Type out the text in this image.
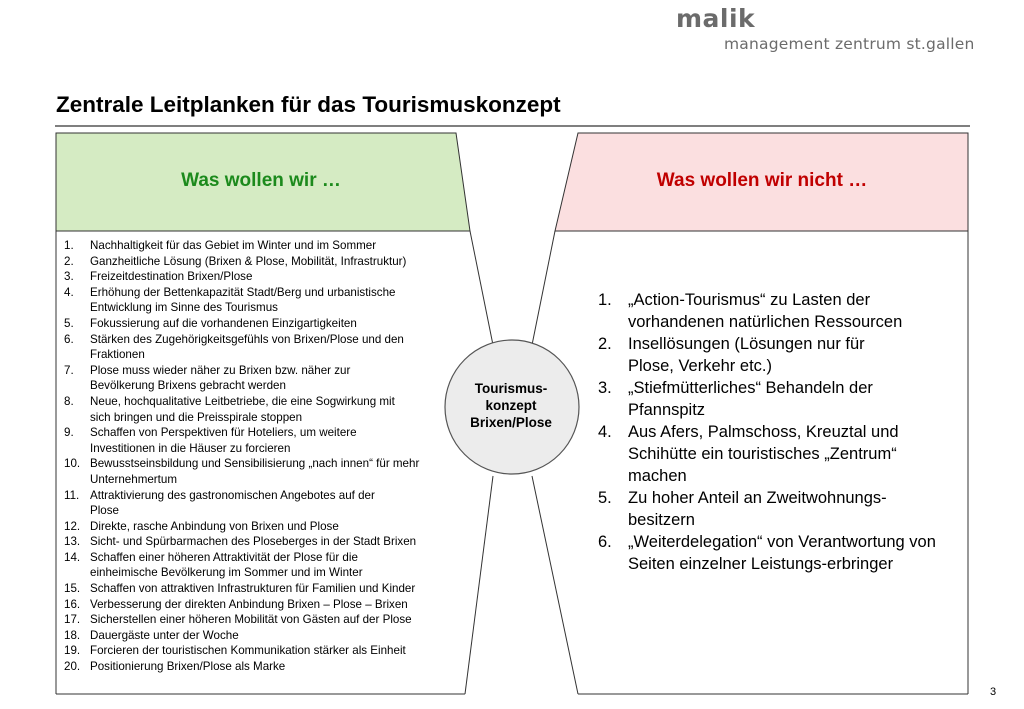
malik
management zentrum st.gallen
Zentrale Leitplanken für das Tourismuskonzept
Was wollen wir …	Was wollen wir nicht …
1. Nachhaltigkeit für das Gebiet im Winter und im Sommer
2. Ganzheitliche Lösung (Brixen & Plose, Mobilität, Infrastruktur)
3. Freizeitdestination Brixen/Plose
4. Erhöhung der Bettenkapazität Stadt/Berg und urbanistische Entwicklung im Sinne des Tourismus
5. Fokussierung auf die vorhandenen Einzigartigkeiten
6. Stärken des Zugehörigkeitsgefühls von Brixen/Plose und den Fraktionen
7. Plose muss wieder näher zu Brixen bzw. näher zur Bevölkerung Brixens gebracht werden
8. Neue, hochqualitative Leitbetriebe, die eine Sogwirkung mit sich bringen und die Preisspirale stoppen
9. Schaffen von Perspektiven für Hoteliers, um weitere Investitionen in die Häuser zu forcieren
10. Bewusstseinsbildung und Sensibilisierung „nach innen“ für mehr Unternehmertum
11. Attraktivierung des gastronomischen Angebotes auf der Plose
12. Direkte, rasche Anbindung von Brixen und Plose
13. Sicht- und Spürbarmachen des Ploseberges in der Stadt Brixen
14. Schaffen einer höheren Attraktivität der Plose für die einheimische Bevölkerung im Sommer und im Winter
15. Schaffen von attraktiven Infrastrukturen für Familien und Kinder
16. Verbesserung der direkten Anbindung Brixen – Plose – Brixen
17. Sicherstellen einer höheren Mobilität von Gästen auf der Plose
18. Dauergäste unter der Woche
19. Forcieren der touristischen Kommunikation stärker als Einheit
20. Positionierung Brixen/Plose als Marke
Tourismus-
konzept
Brixen/Plose
1. „Action-Tourismus“ zu Lasten der vorhandenen natürlichen Ressourcen
2. Insellösungen (Lösungen nur für Plose, Verkehr etc.)
3. „Stiefmütterliches“ Behandeln der Pfannspitz
4. Aus Afers, Palmschoss, Kreuztal und Schihütte ein touristisches „Zentrum“ machen
5. Zu hoher Anteil an Zweitwohnungs-besitzern
6. „Weiterdelegation“ von Verantwortung von Seiten einzelner Leistungs-erbringer
3
